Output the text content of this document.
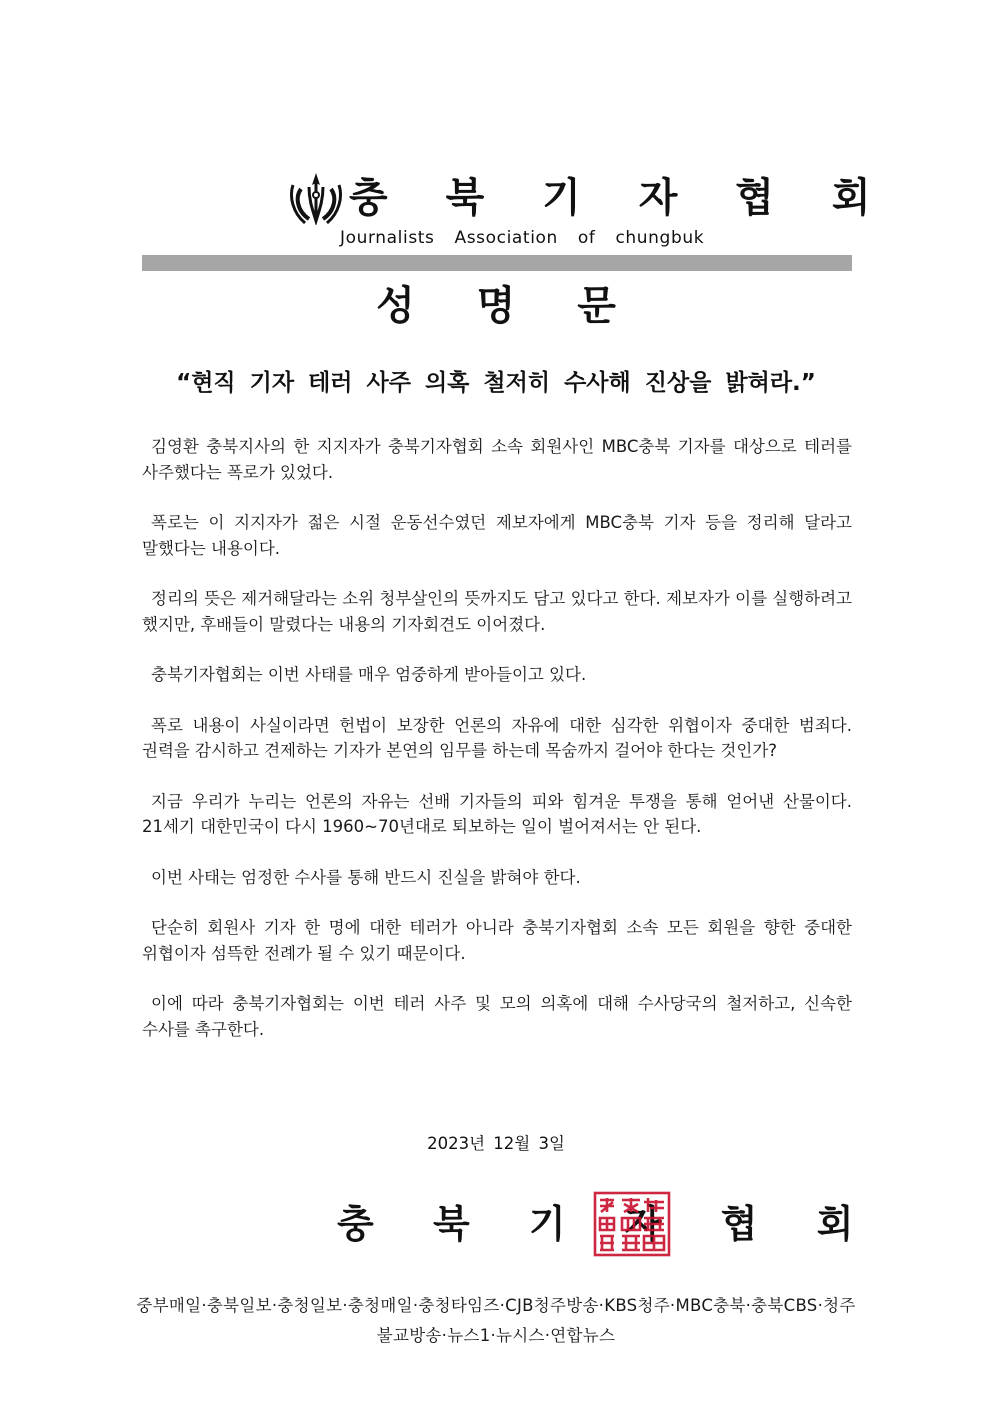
충 북 기 자 협 회
Journalists Association of chungbuk
성 명 문
“현직 기자 테러 사주 의혹 철저히 수사해 진상을 밝혀라.”

김영환 충북지사의 한 지지자가 충북기자협회 소속 회원사인 MBC충북 기자를 대상으로 테러를 사주했다는 폭로가 있었다.

폭로는 이 지지자가 젊은 시절 운동선수였던 제보자에게 MBC충북 기자 등을 정리해 달라고 말했다는 내용이다.

정리의 뜻은 제거해달라는 소위 청부살인의 뜻까지도 담고 있다고 한다. 제보자가 이를 실행하려고 했지만, 후배들이 말렸다는 내용의 기자회견도 이어졌다.

충북기자협회는 이번 사태를 매우 엄중하게 받아들이고 있다.

폭로 내용이 사실이라면 헌법이 보장한 언론의 자유에 대한 심각한 위협이자 중대한 범죄다. 권력을 감시하고 견제하는 기자가 본연의 임무를 하는데 목숨까지 걸어야 한다는 것인가?

지금 우리가 누리는 언론의 자유는 선배 기자들의 피와 힘겨운 투쟁을 통해 얻어낸 산물이다. 21세기 대한민국이 다시 1960~70년대로 퇴보하는 일이 벌어져서는 안 된다.

이번 사태는 엄정한 수사를 통해 반드시 진실을 밝혀야 한다.

단순히 회원사 기자 한 명에 대한 테러가 아니라 충북기자협회 소속 모든 회원을 향한 중대한 위협이자 섬뜩한 전례가 될 수 있기 때문이다.

이에 따라 충북기자협회는 이번 테러 사주 및 모의 의혹에 대해 수사당국의 철저하고, 신속한 수사를 촉구한다.

2023년 12월 3일
충 북 기 자 협 회
중부매일·충북일보·충청일보·충청매일·충청타임즈·CJB청주방송·KBS청주·MBC충북·충북CBS·청주불교방송·뉴스1·뉴시스·연합뉴스
